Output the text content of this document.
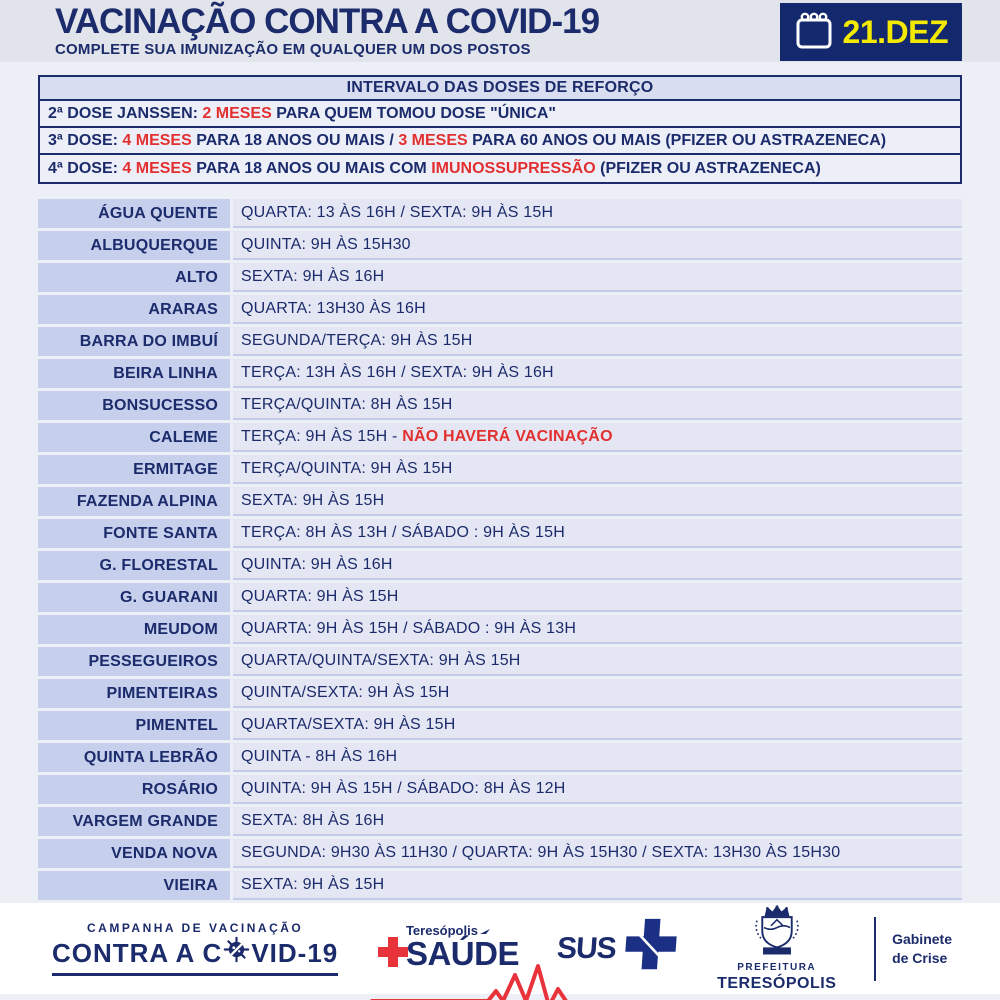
VACINAÇÃO CONTRA A COVID-19

COMPLETE SUA IMUNIZAÇÃO EM QUALQUER UM DOS POSTOS	21.DEZ
INTERVALO DAS DOSES DE REFORÇO
2ª DOSE JANSSEN: 2 MESES PARA QUEM TOMOU DOSE "ÚNICA"
3ª DOSE : 4 MESES PARA 18 ANOS OU MAIS / 3 MESES PARA 60 ANOS OU MAIS (PFIZER OU ASTRAZENECA)
4ª DOSE : 4 MESES PARA 18 ANOS OU MAIS COM IMUNOSSUPRESSÃO (PFIZER OU ASTRAZENECA)
ÁGUA QUENTE	QUARTA: 13 ÀS 16H / SEXTA: 9H ÀS 15H
ALBUQUERQUE	QUINTA: 9H ÀS 15H30
ALTO	SEXTA: 9H ÀS 16H
ARARAS	QUARTA: 13H30 ÀS 16H
BARRA DO IMBUÍ	SEGUNDA/TERÇA: 9H ÀS 15H
BEIRA LINHA	TERÇA: 13H ÀS 16H / SEXTA: 9H ÀS 16H
BONSUCESSO	TERÇA/QUINTA: 8H ÀS 15H
CALEME	TERÇA: 9H ÀS 15H - NÃO HAVERÁ VACINAÇÃO
ERMITAGE	TERÇA/QUINTA: 9H ÀS 15H
FAZENDA ALPINA	SEXTA: 9H ÀS 15H
FONTE SANTA	TERÇA: 8H ÀS 13H / SÁBADO : 9H ÀS 15H
G. FLORESTAL	QUINTA: 9H ÀS 16H
G. GUARANI	QUARTA: 9H ÀS 15H
MEUDOM	QUARTA: 9H ÀS 15H / SÁBADO : 9H ÀS 13H
PESSEGUEIROS	QUARTA/QUINTA/SEXTA: 9H ÀS 15H
PIMENTEIRAS	QUINTA/SEXTA: 9H ÀS 15H
PIMENTEL	QUARTA/SEXTA: 9H ÀS 15H
QUINTA LEBRÃO	QUINTA - 8H ÀS 16H
ROSÁRIO	QUINTA: 9H ÀS 15H / SÁBADO: 8H ÀS 12H
VARGEM GRANDE	SEXTA: 8H ÀS 16H
VENDA NOVA	SEGUNDA: 9H30 ÀS 11H30 / QUARTA: 9H ÀS 15H30 / SEXTA: 13H30 ÀS 15H30
VIEIRA	SEXTA: 9H ÀS 15H
CAMPANHA DE VACINAÇÃO
CONTRA A C VID-19
Teresópolis
SAÚDE SUS
PREFEITURA
TERESÓPOLIS
Gabinete
de Crise
